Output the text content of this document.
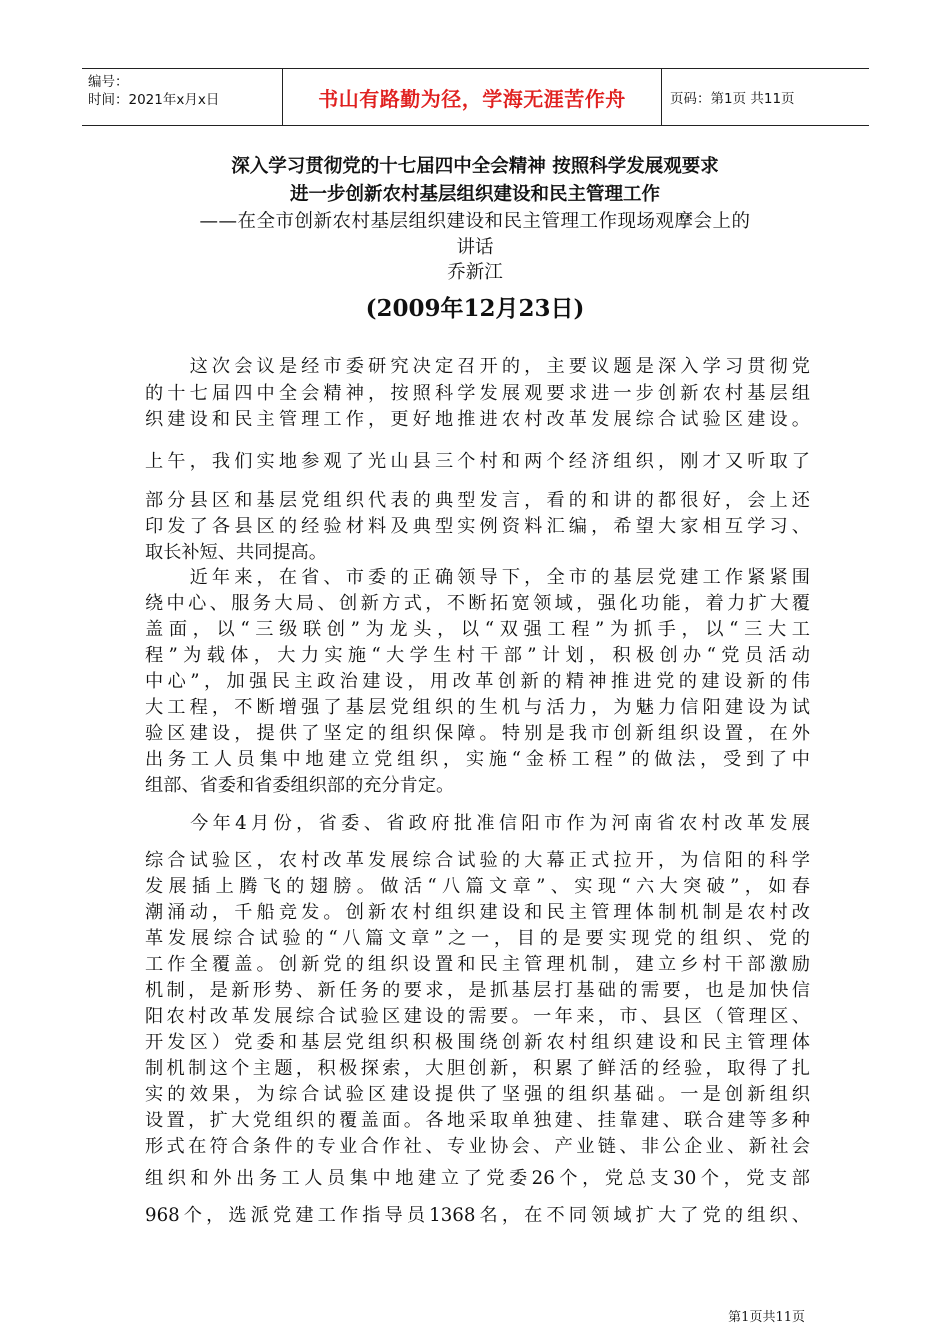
编号：
时间：2021年x月x日	书山有路勤为径，学海无涯苦作舟	页码：第1页 共11页
深入学习贯彻党的十七届四中全会精神 按照科学发展观要求
进一步创新农村基层组织建设和民主管理工作
——在全市创新农村基层组织建设和民主管理工作现场观摩会上的
讲话
乔新江
(2009年12月23日)
　　这次会议是经市委研究决定召开的，主要议题是深入学习贯彻党
的十七届四中全会精神，按照科学发展观要求进一步创新农村基层组
织建设和民主管理工作，更好地推进农村改革发展综合试验区建设。
上午，我们实地参观了光山县三个村和两个经济组织，刚才又听取了
部分县区和基层党组织代表的典型发言，看的和讲的都很好，会上还
印发了各县区的经验材料及典型实例资料汇编，希望大家相互学习、
取长补短、共同提高。
　　近年来，在省、市委的正确领导下，全市的基层党建工作紧紧围
绕中心、服务大局、创新方式，不断拓宽领域，强化功能，着力扩大覆
盖面，以“三级联创”为龙头，以“双强工程”为抓手，以“三大工
程”为载体，大力实施“大学生村干部”计划，积极创办“党员活动
中心”，加强民主政治建设，用改革创新的精神推进党的建设新的伟
大工程，不断增强了基层党组织的生机与活力，为魅力信阳建设为试
验区建设，提供了坚定的组织保障。特别是我市创新组织设置，在外
出务工人员集中地建立党组织，实施“金桥工程”的做法，受到了中
组部、省委和省委组织部的充分肯定。
　　今年4月份，省委、省政府批准信阳市作为河南省农村改革发展
综合试验区，农村改革发展综合试验的大幕正式拉开，为信阳的科学
发展插上腾飞的翅膀。做活“八篇文章”、实现“六大突破”，如春
潮涌动，千船竞发。创新农村组织建设和民主管理体制机制是农村改
革发展综合试验的“八篇文章”之一，目的是要实现党的组织、党的
工作全覆盖。创新党的组织设置和民主管理机制，建立乡村干部激励
机制，是新形势、新任务的要求，是抓基层打基础的需要，也是加快信
阳农村改革发展综合试验区建设的需要。一年来，市、县区（管理区、
开发区）党委和基层党组织积极围绕创新农村组织建设和民主管理体
制机制这个主题，积极探索，大胆创新，积累了鲜活的经验，取得了扎
实的效果，为综合试验区建设提供了坚强的组织基础。一是创新组织
设置，扩大党组织的覆盖面。各地采取单独建、挂靠建、联合建等多种
形式在符合条件的专业合作社、专业协会、产业链、非公企业、新社会
组织和外出务工人员集中地建立了党委26个，党总支30个，党支部
968个，选派党建工作指导员1368名，在不同领域扩大了党的组织、
第1页共11页
